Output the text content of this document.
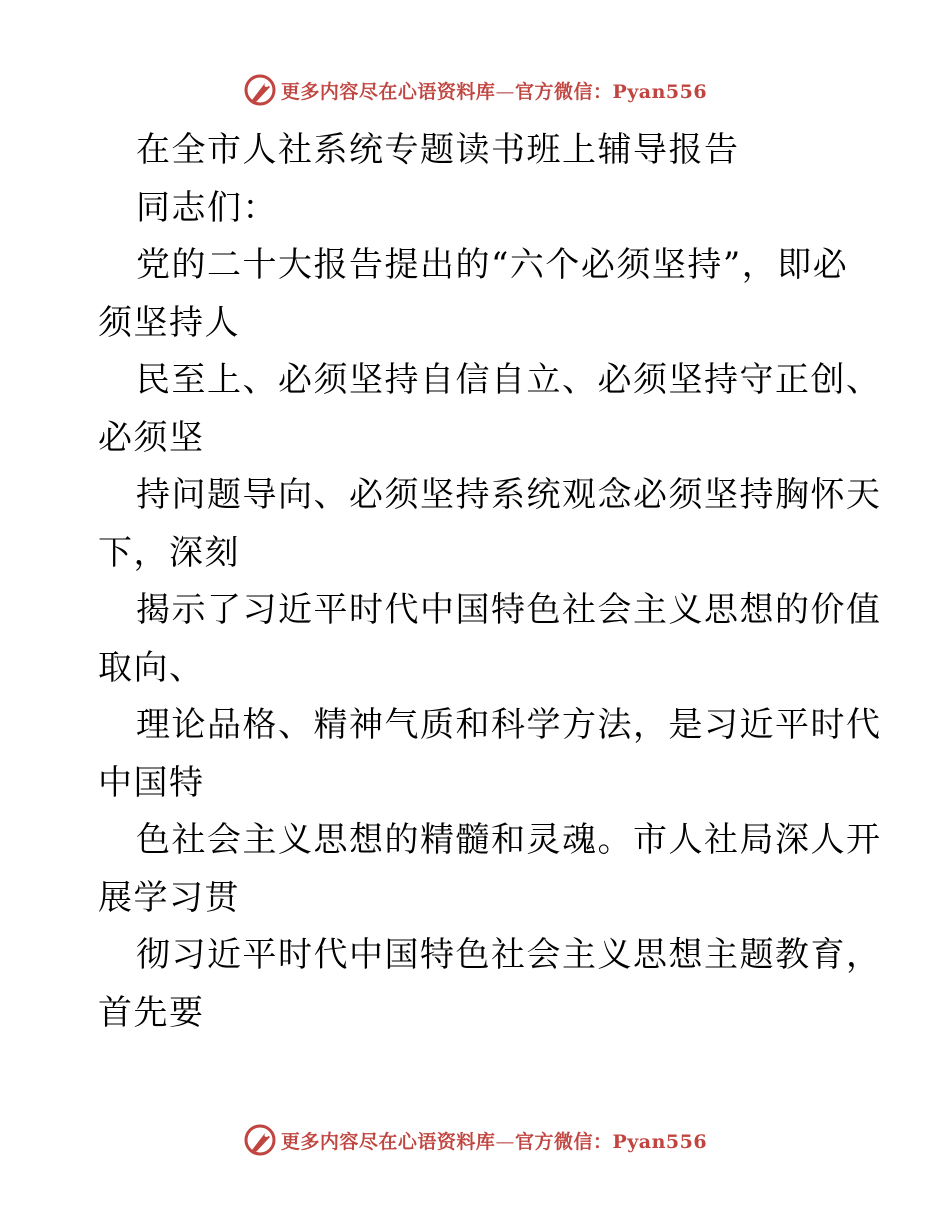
更多内容尽在心语资料库—官方微信：Pyan556
在全市人社系统专题读书班上辅导报告
同志们：
党的二十大报告提出的“六个必须坚持”，即必
须坚持人
民至上、必须坚持自信自立、必须坚持守正创、
必须坚
持问题导向、必须坚持系统观念必须坚持胸怀天
下，深刻
揭示了习近平时代中国特色社会主义思想的价值
取向、
理论品格、精神气质和科学方法，是习近平时代
中国特
色社会主义思想的精髓和灵魂。市人社局深人开
展学习贯
彻习近平时代中国特色社会主义思想主题教育，
首先要
更多内容尽在心语资料库—官方微信：Pyan556
